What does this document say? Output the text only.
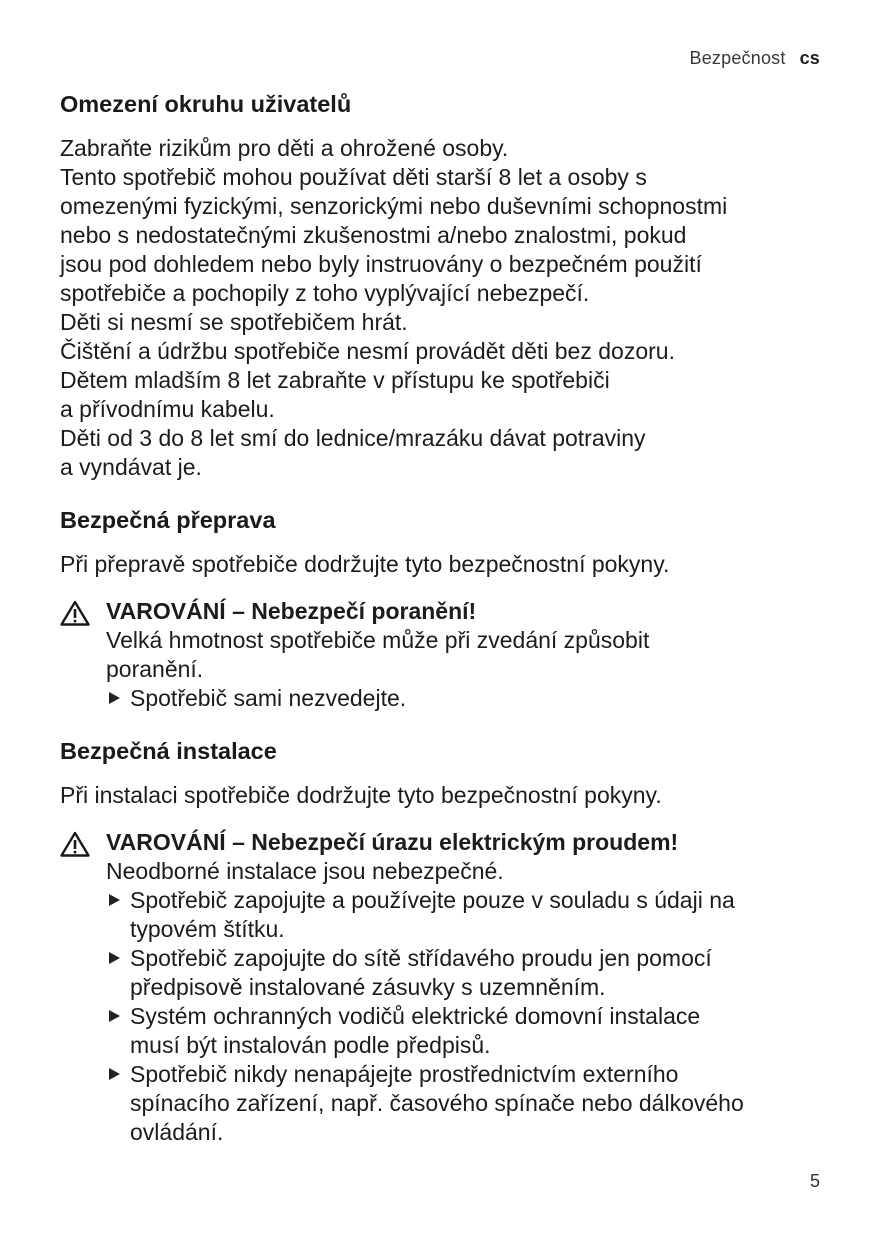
Bezpečnost cs
Omezení okruhu uživatelů

Zabraňte rizikům pro děti a ohrožené osoby.

Tento spotřebič mohou používat děti starší 8 let a osoby s

omezenými fyzickými, senzorickými nebo duševními schopnostmi

nebo s nedostatečnými zkušenostmi a/nebo znalostmi, pokud

jsou pod dohledem nebo byly instruovány o bezpečném použití

spotřebiče a pochopily z toho vyplývající nebezpečí.

Děti si nesmí se spotřebičem hrát.

Čištění a údržbu spotřebiče nesmí provádět děti bez dozoru.

Dětem mladším 8 let zabraňte v přístupu ke spotřebiči

a přívodnímu kabelu.

Děti od 3 do 8 let smí do lednice/mrazáku dávat potraviny

a vyndávat je.

Bezpečná přeprava

Při přepravě spotřebiče dodržujte tyto bezpečnostní pokyny.

VAROVÁNÍ – Nebezpečí poranění!

Velká hmotnost spotřebiče může při zvedání způsobit

poranění.

Spotřebič sami nezvedejte.
Bezpečná instalace

Při instalaci spotřebiče dodržujte tyto bezpečnostní pokyny.

VAROVÁNÍ – Nebezpečí úrazu elektrickým proudem!

Neodborné instalace jsou nebezpečné.

Spotřebič zapojujte a používejte pouze v souladu s údaji na
typovém štítku.
Spotřebič zapojujte do sítě střídavého proudu jen pomocí
předpisově instalované zásuvky s uzemněním.
Systém ochranných vodičů elektrické domovní instalace
musí být instalován podle předpisů.
Spotřebič nikdy nenapájejte prostřednictvím externího
spínacího zařízení, např. časového spínače nebo dálkového
ovládání.
5
